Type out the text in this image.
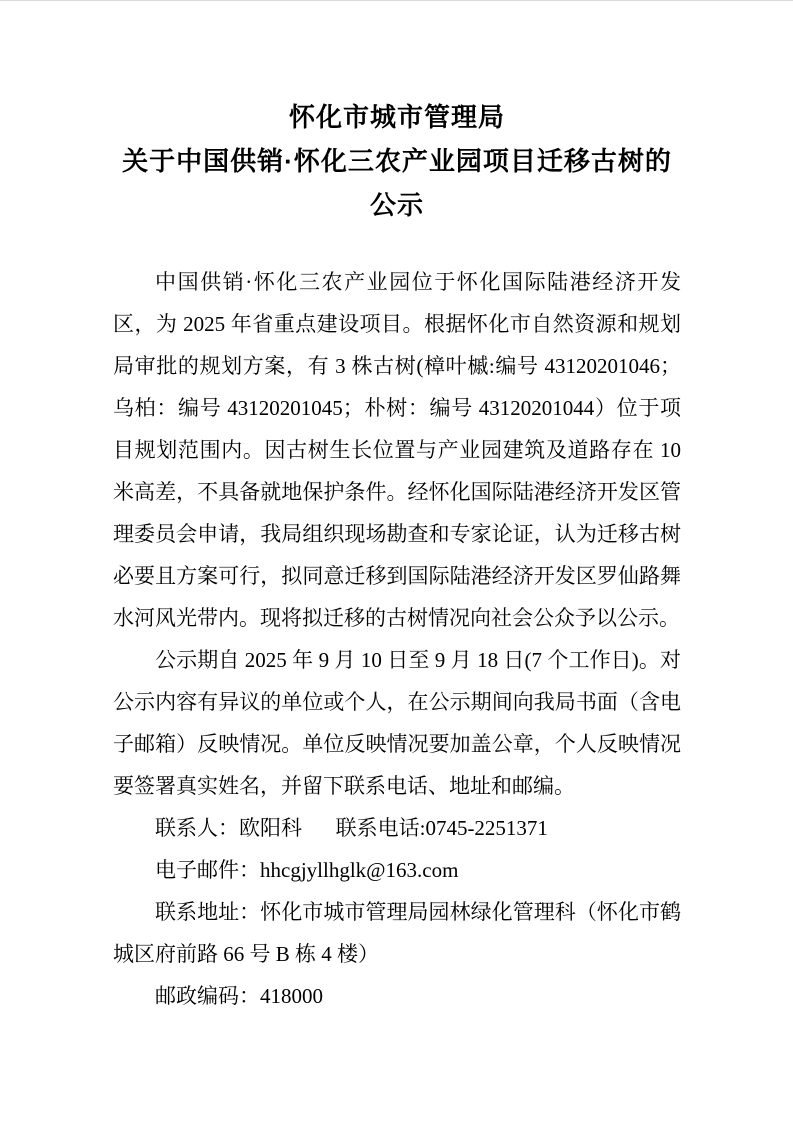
怀化市城市管理局
关于中国供销·怀化三农产业园项目迁移古树的公示

中国供销·怀化三农产业园位于怀化国际陆港经济开发区，为 2025 年省重点建设项目。根据怀化市自然资源和规划局审批的规划方案，有 3 株古树(樟叶槭:编号 43120201046；乌柏：编号 43120201045；朴树：编号 43120201044）位于项目规划范围内。因古树生长位置与产业园建筑及道路存在 10 米高差，不具备就地保护条件。经怀化国际陆港经济开发区管理委员会申请，我局组织现场勘查和专家论证，认为迁移古树必要且方案可行，拟同意迁移到国际陆港经济开发区罗仙路舞水河风光带内。现将拟迁移的古树情况向社会公众予以公示。

公示期自 2025 年 9 月 10 日至 9 月 18 日(7 个工作日)。对公示内容有异议的单位或个人，在公示期间向我局书面（含电子邮箱）反映情况。单位反映情况要加盖公章，个人反映情况要签署真实姓名，并留下联系电话、地址和邮编。

联系人：欧阳科 联系电话:0745-2251371
电子邮件：hhcgjyllhglk@163.com
联系地址：怀化市城市管理局园林绿化管理科（怀化市鹤城区府前路 66 号 B 栋 4 楼）
邮政编码：418000
